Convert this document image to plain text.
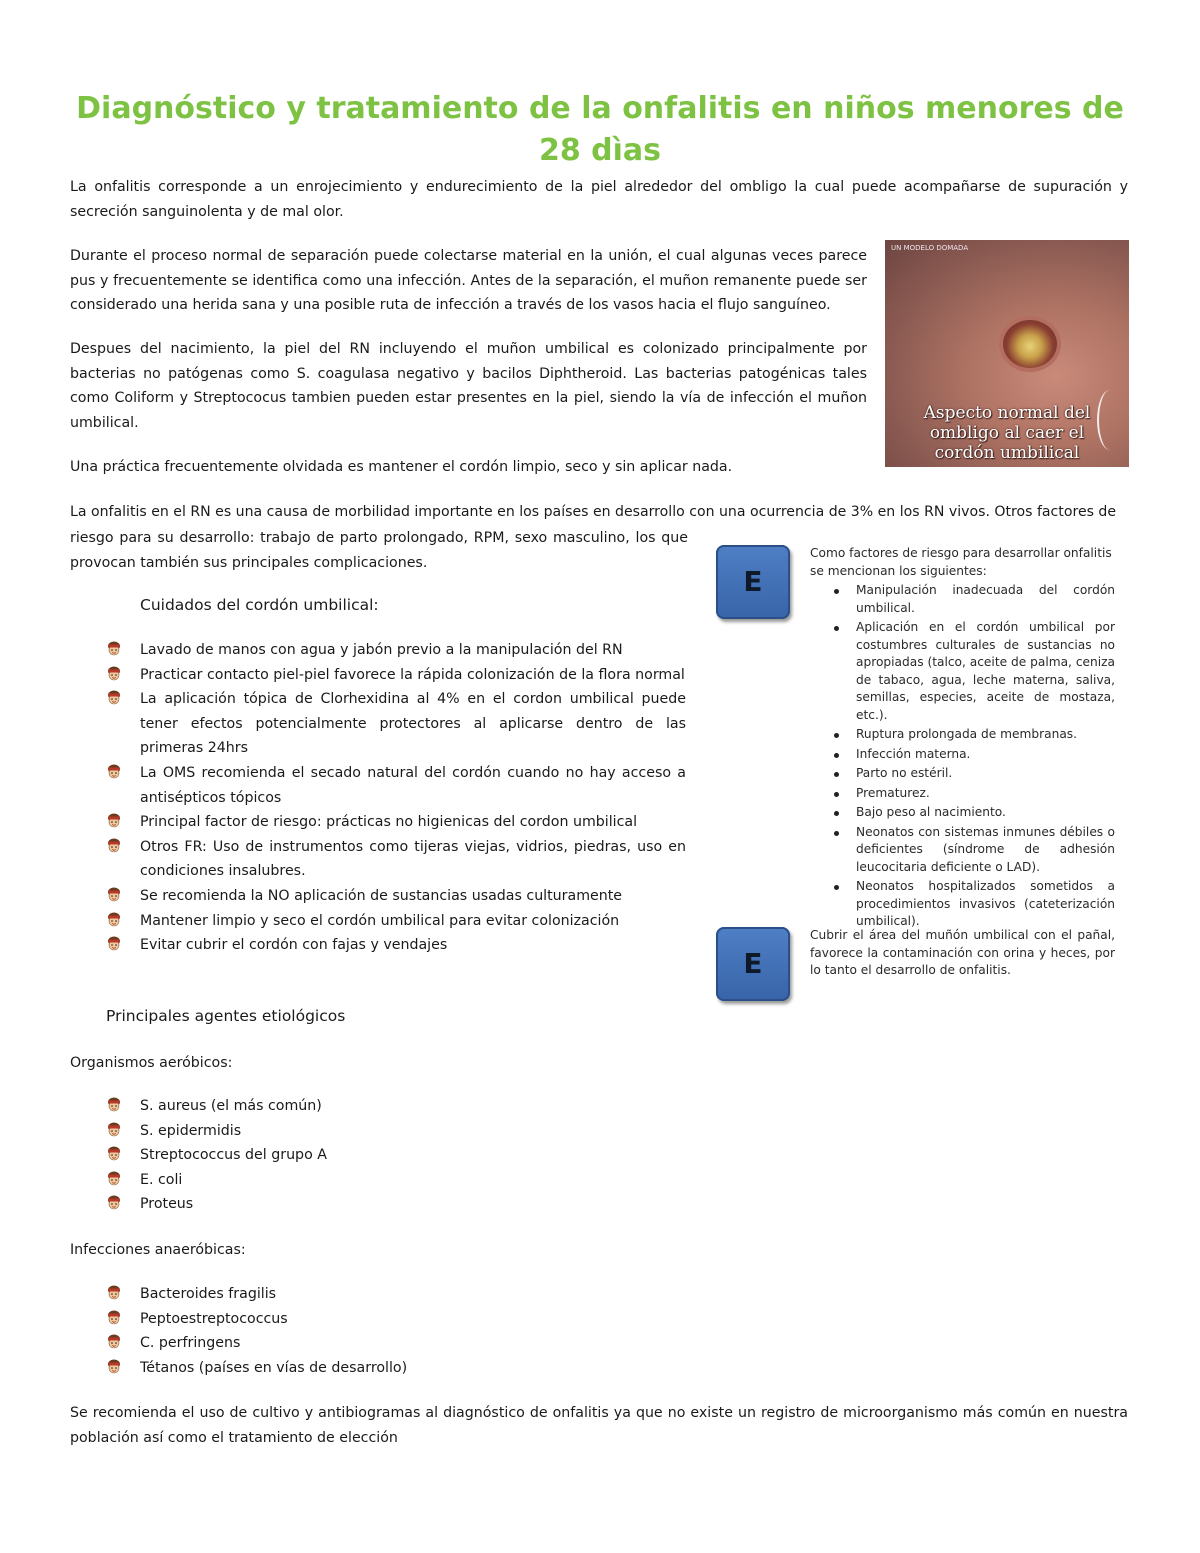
Diagnóstico y tratamiento de la onfalitis en niños menores de 28 dìas

La onfalitis corresponde a un enrojecimiento y endurecimiento de la piel alrededor del ombligo la cual puede acompañarse de supuración y secreción sanguinolenta y de mal olor.

Durante el proceso normal de separación puede colectarse material en la unión, el cual algunas veces parece pus y frecuentemente se identifica como una infección. Antes de la separación, el muñon remanente puede ser considerado una herida sana y una posible ruta de infección a través de los vasos hacia el flujo sanguíneo.

Despues del nacimiento, la piel del RN incluyendo el muñon umbilical es colonizado principalmente por bacterias no patógenas como S. coagulasa negativo y bacilos Diphtheroid. Las bacterias patogénicas tales como Coliform y Streptococus tambien pueden estar presentes en la piel, siendo la vía de infección el muñon umbilical.

Una práctica frecuentemente olvidada es mantener el cordón limpio, seco y sin aplicar nada.

La onfalitis en el RN es una causa de morbilidad importante en los países en desarrollo con una ocurrencia de 3% en los RN vivos. Otros factores de

riesgo para su desarrollo: trabajo de parto prolongado, RPM, sexo masculino, los que provocan también sus principales complicaciones.

UN MODELO DOMADA
Aspecto normal del
ombligo al caer el
cordón umbilical
Cuidados del cordón umbilical:
Lavado de manos con agua y jabón previo a la manipulación del RN
Practicar contacto piel-piel favorece la rápida colonización de la flora normal
La aplicación tópica de Clorhexidina al 4% en el cordon umbilical puede tener efectos potencialmente protectores al aplicarse dentro de las primeras 24hrs
La OMS recomienda el secado natural del cordón cuando no hay acceso a antisépticos tópicos
Principal factor de riesgo: prácticas no higienicas del cordon umbilical
Otros FR: Uso de instrumentos como tijeras viejas, vidrios, piedras, uso en condiciones insalubres.
Se recomienda la NO aplicación de sustancias usadas culturamente
Mantener limpio y seco el cordón umbilical para evitar colonización
Evitar cubrir el cordón con fajas y vendajes
Principales agentes etiológicos

Organismos aeróbicos:

S. aureus (el más común)
S. epidermidis
Streptococcus del grupo A
E. coli
Proteus

Infecciones anaeróbicas:

Bacteroides fragilis
Peptoestreptococcus
C. perfringens
Tétanos (países en vías de desarrollo)

Se recomienda el uso de cultivo y antibiogramas al diagnóstico de onfalitis ya que no existe un registro de microorganismo más común en nuestra población así como el tratamiento de elección

E

Como factores de riesgo para desarrollar onfalitis se mencionan los siguientes:

Manipulación inadecuada del cordón umbilical.
Aplicación en el cordón umbilical por costumbres culturales de sustancias no apropiadas (talco, aceite de palma, ceniza de tabaco, agua, leche materna, saliva, semillas, especies, aceite de mostaza, etc.).
Ruptura prolongada de membranas.
Infección materna.
Parto no estéril.
Prematurez.
Bajo peso al nacimiento.
Neonatos con sistemas inmunes débiles o deficientes (síndrome de adhesión leucocitaria deficiente o LAD).
Neonatos hospitalizados sometidos a procedimientos invasivos (cateterización umbilical).
E

Cubrir el área del muñón umbilical con el pañal, favorece la contaminación con orina y heces, por lo tanto el desarrollo de onfalitis.
